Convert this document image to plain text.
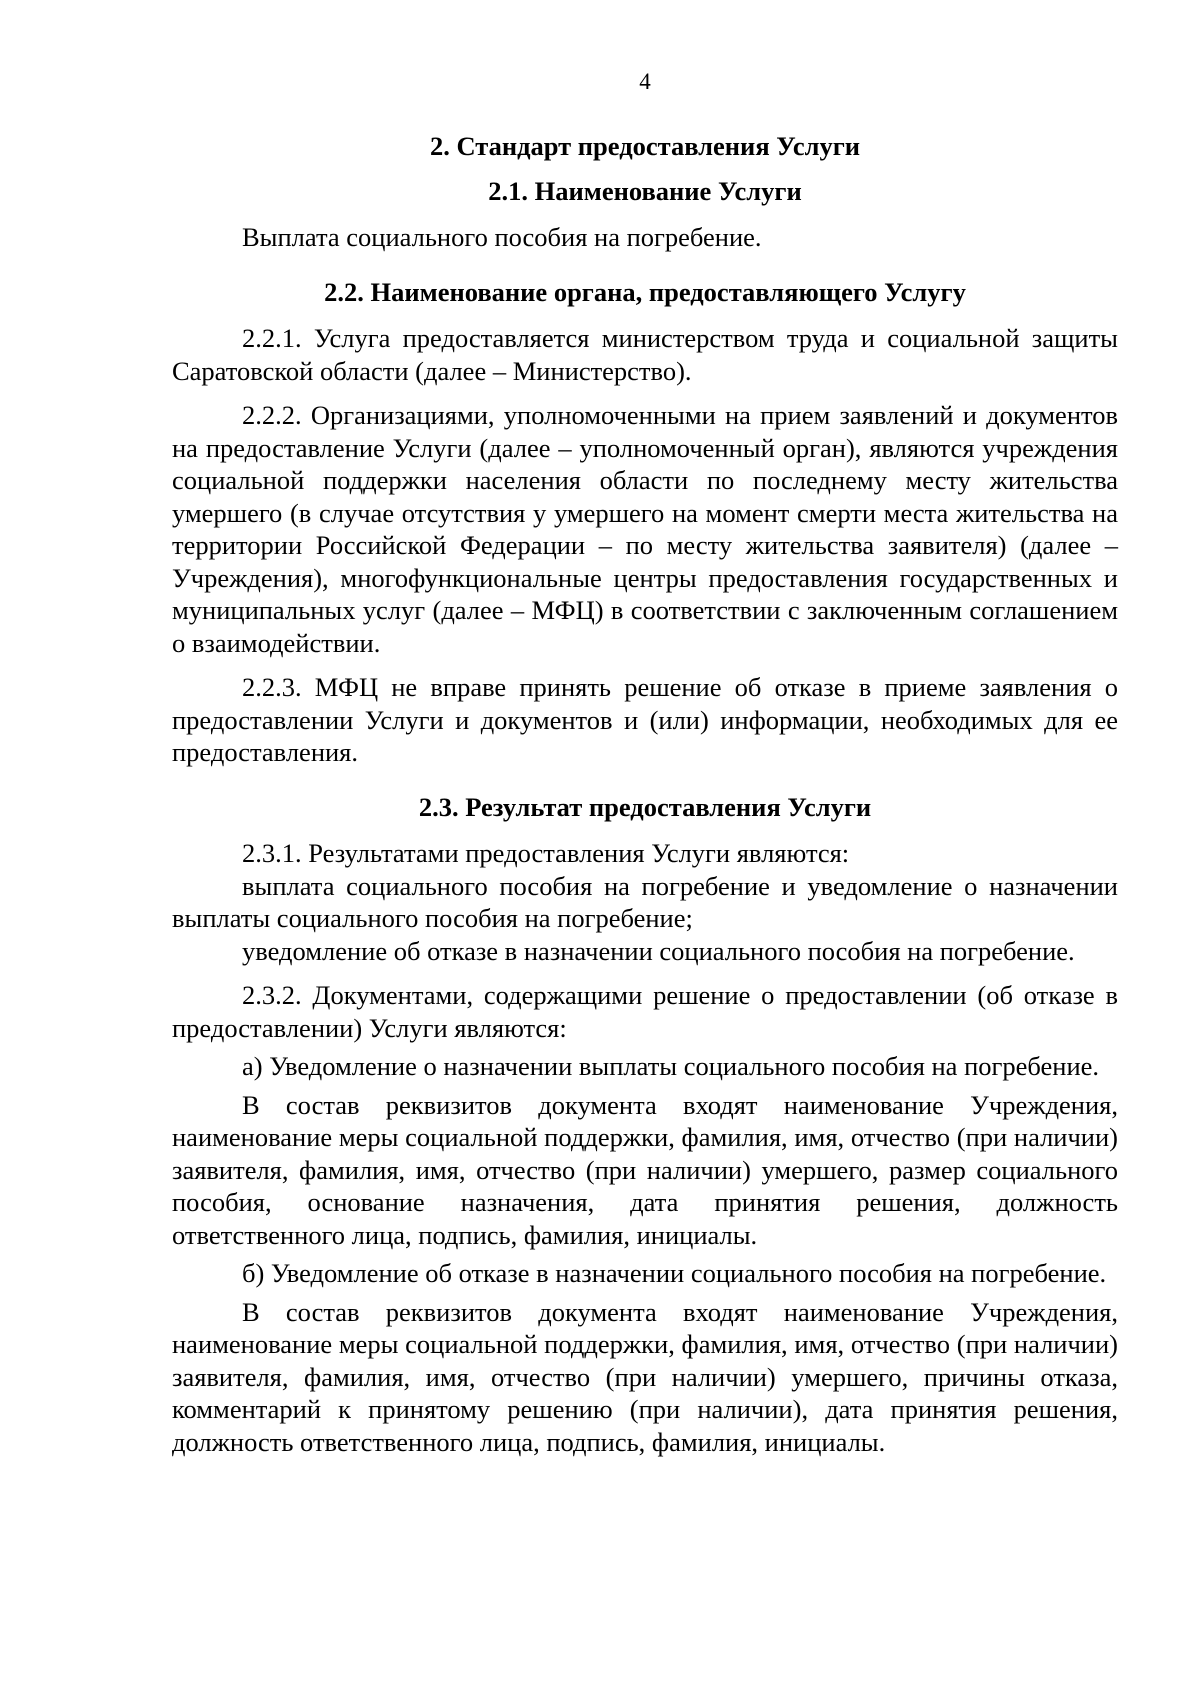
4
2. Стандарт предоставления Услуги
2.1. Наименование Услуги
Выплата социального пособия на погребение.
2.2. Наименование органа, предоставляющего Услугу
2.2.1. Услуга предоставляется министерством труда и социальной защиты Саратовской области (далее – Министерство).
2.2.2. Организациями, уполномоченными на прием заявлений и документов на предоставление Услуги (далее – уполномоченный орган), являются учреждения социальной поддержки населения области по последнему месту жительства умершего (в случае отсутствия у умершего на момент смерти места жительства на территории Российской Федерации – по месту жительства заявителя) (далее – Учреждения), многофункциональные центры предоставления государственных и муниципальных услуг (далее – МФЦ) в соответствии с заключенным соглашением о взаимодействии.
2.2.3. МФЦ не вправе принять решение об отказе в приеме заявления о предоставлении Услуги и документов и (или) информации, необходимых для ее предоставления.
2.3. Результат предоставления Услуги
2.3.1. Результатами предоставления Услуги являются:
выплата социального пособия на погребение и уведомление о назначении выплаты социального пособия на погребение;
уведомление об отказе в назначении социального пособия на погребение.
2.3.2. Документами, содержащими решение о предоставлении (об отказе в предоставлении) Услуги являются:
а) Уведомление о назначении выплаты социального пособия на погребение.
В состав реквизитов документа входят наименование Учреждения, наименование меры социальной поддержки, фамилия, имя, отчество (при наличии) заявителя, фамилия, имя, отчество (при наличии) умершего, размер социального пособия, основание назначения, дата принятия решения, должность ответственного лица, подпись, фамилия, инициалы.
б) Уведомление об отказе в назначении социального пособия на погребение.
В состав реквизитов документа входят наименование Учреждения, наименование меры социальной поддержки, фамилия, имя, отчество (при наличии) заявителя, фамилия, имя, отчество (при наличии) умершего, причины отказа, комментарий к принятому решению (при наличии), дата принятия решения, должность ответственного лица, подпись, фамилия, инициалы.
